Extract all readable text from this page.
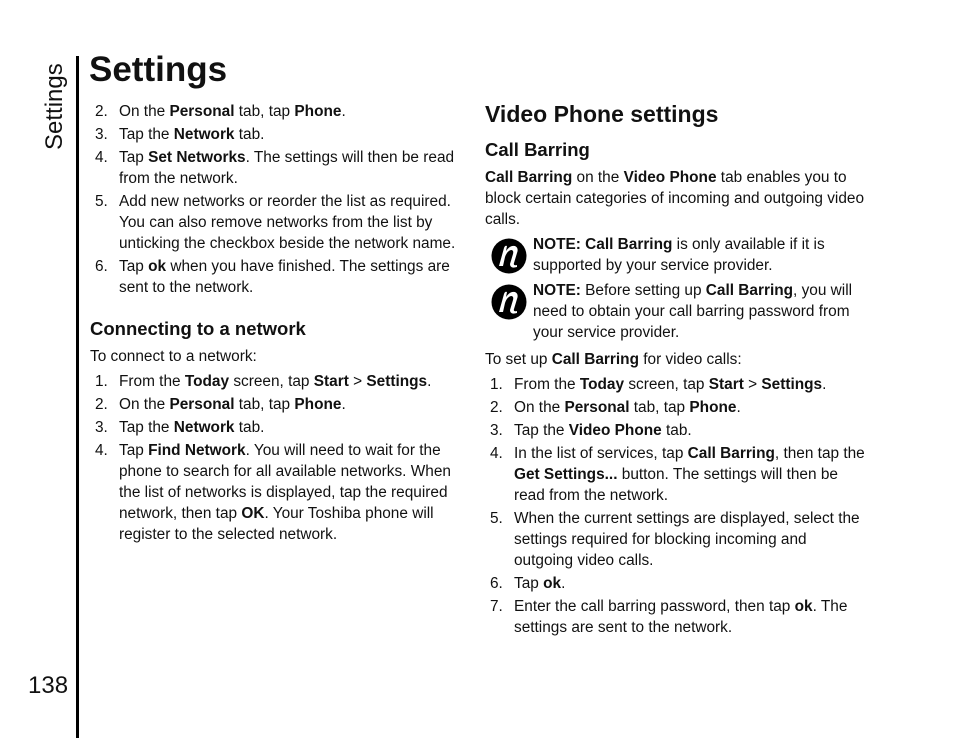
Settings
138
Settings
2. On the Personal tab, tap Phone.
3. Tap the Network tab.
4. Tap Set Networks. The settings will then be read from the network.
5. Add new networks or reorder the list as required. You can also remove networks from the list by unticking the checkbox beside the network name.
6. Tap ok when you have finished. The settings are sent to the network.
Connecting to a network

To connect to a network:

1. From the Today screen, tap Start > Settings.
2. On the Personal tab, tap Phone.
3. Tap the Network tab.
4. Tap Find Network. You will need to wait for the phone to search for all available networks. When the list of networks is displayed, tap the required network, then tap OK. Your Toshiba phone will register to the selected network.
Video Phone settings
Call Barring

Call Barring on the Video Phone tab enables you to block certain categories of incoming and outgoing video calls.

NOTE: Call Barring is only available if it is supported by your service provider.

NOTE: Before setting up Call Barring, you will need to obtain your call barring password from your service provider.

To set up Call Barring for video calls:

1. From the Today screen, tap Start > Settings.
2. On the Personal tab, tap Phone.
3. Tap the Video Phone tab.
4. In the list of services, tap Call Barring, then tap the Get Settings... button. The settings will then be read from the network.
5. When the current settings are displayed, select the settings required for blocking incoming and outgoing video calls.
6. Tap ok.
7. Enter the call barring password, then tap ok. The settings are sent to the network.
